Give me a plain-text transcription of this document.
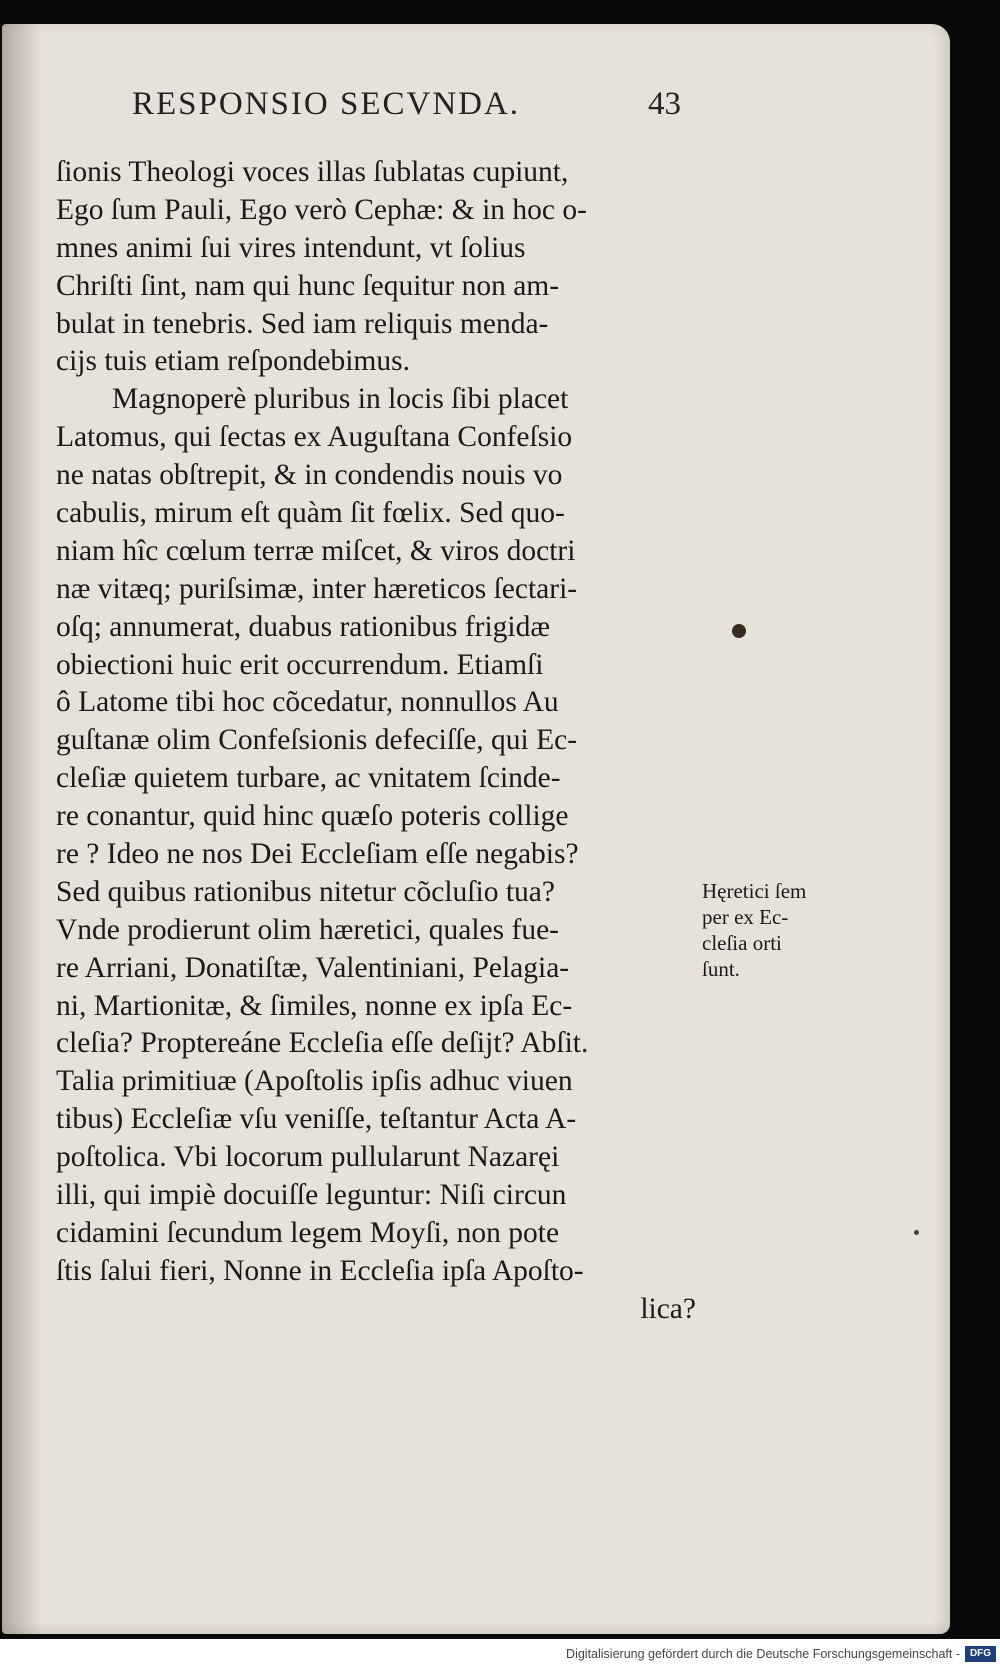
RESPONSIO SECVNDA.	43
ſionis Theologi voces illas ſublatas cupiunt,
Ego ſum Pauli, Ego verò Cephæ: & in hoc o-
mnes animi ſui vires intendunt, vt ſolius
Chriſti ſint, nam qui hunc ſequitur non am-
bulat in tenebris. Sed iam reliquis menda-
cijs tuis etiam reſpondebimus.
Magnoperè pluribus in locis ſibi placet
Latomus, qui ſectas ex Auguſtana Confeſsio
ne natas obſtrepit, & in condendis nouis vo
cabulis, mirum eſt quàm ſit fœlix. Sed quo-
niam hîc cœlum terræ miſcet, & viros doctri
næ vitæq; puriſsimæ, inter hæreticos ſectari-
oſq; annumerat, duabus rationibus frigidæ
obiectioni huic erit occurrendum. Etiamſi
ô Latome tibi hoc cõcedatur, nonnullos Au
guſtanæ olim Confeſsionis defeciſſe, qui Ec-
cleſiæ quietem turbare, ac vnitatem ſcinde-
re conantur, quid hinc quæſo poteris collige
re ? Ideo ne nos Dei Eccleſiam eſſe negabis?
Sed quibus rationibus nitetur cõcluſio tua?
Vnde prodierunt olim hæretici, quales fue-
re Arriani, Donatiſtæ, Valentiniani, Pelagia-
ni, Martionitæ, & ſimiles, nonne ex ipſa Ec-
cleſia? Proptereáne Eccleſia eſſe deſijt? Abſit.
Talia primitiuæ (Apoſtolis ipſis adhuc viuen
tibus) Eccleſiæ vſu veniſſe, teſtantur Acta A-
poſtolica. Vbi locorum pullularunt Nazaręi
illi, qui impiè docuiſſe leguntur: Niſi circun
cidamini ſecundum legem Moyſi, non pote
ſtis ſalui fieri, Nonne in Eccleſia ipſa Apoſto-
lica?
Hęretici ſem
per ex Ec-
cleſia orti
ſunt.
Digitalisierung gefördert durch die Deutsche Forschungsgemeinschaft - DFG
